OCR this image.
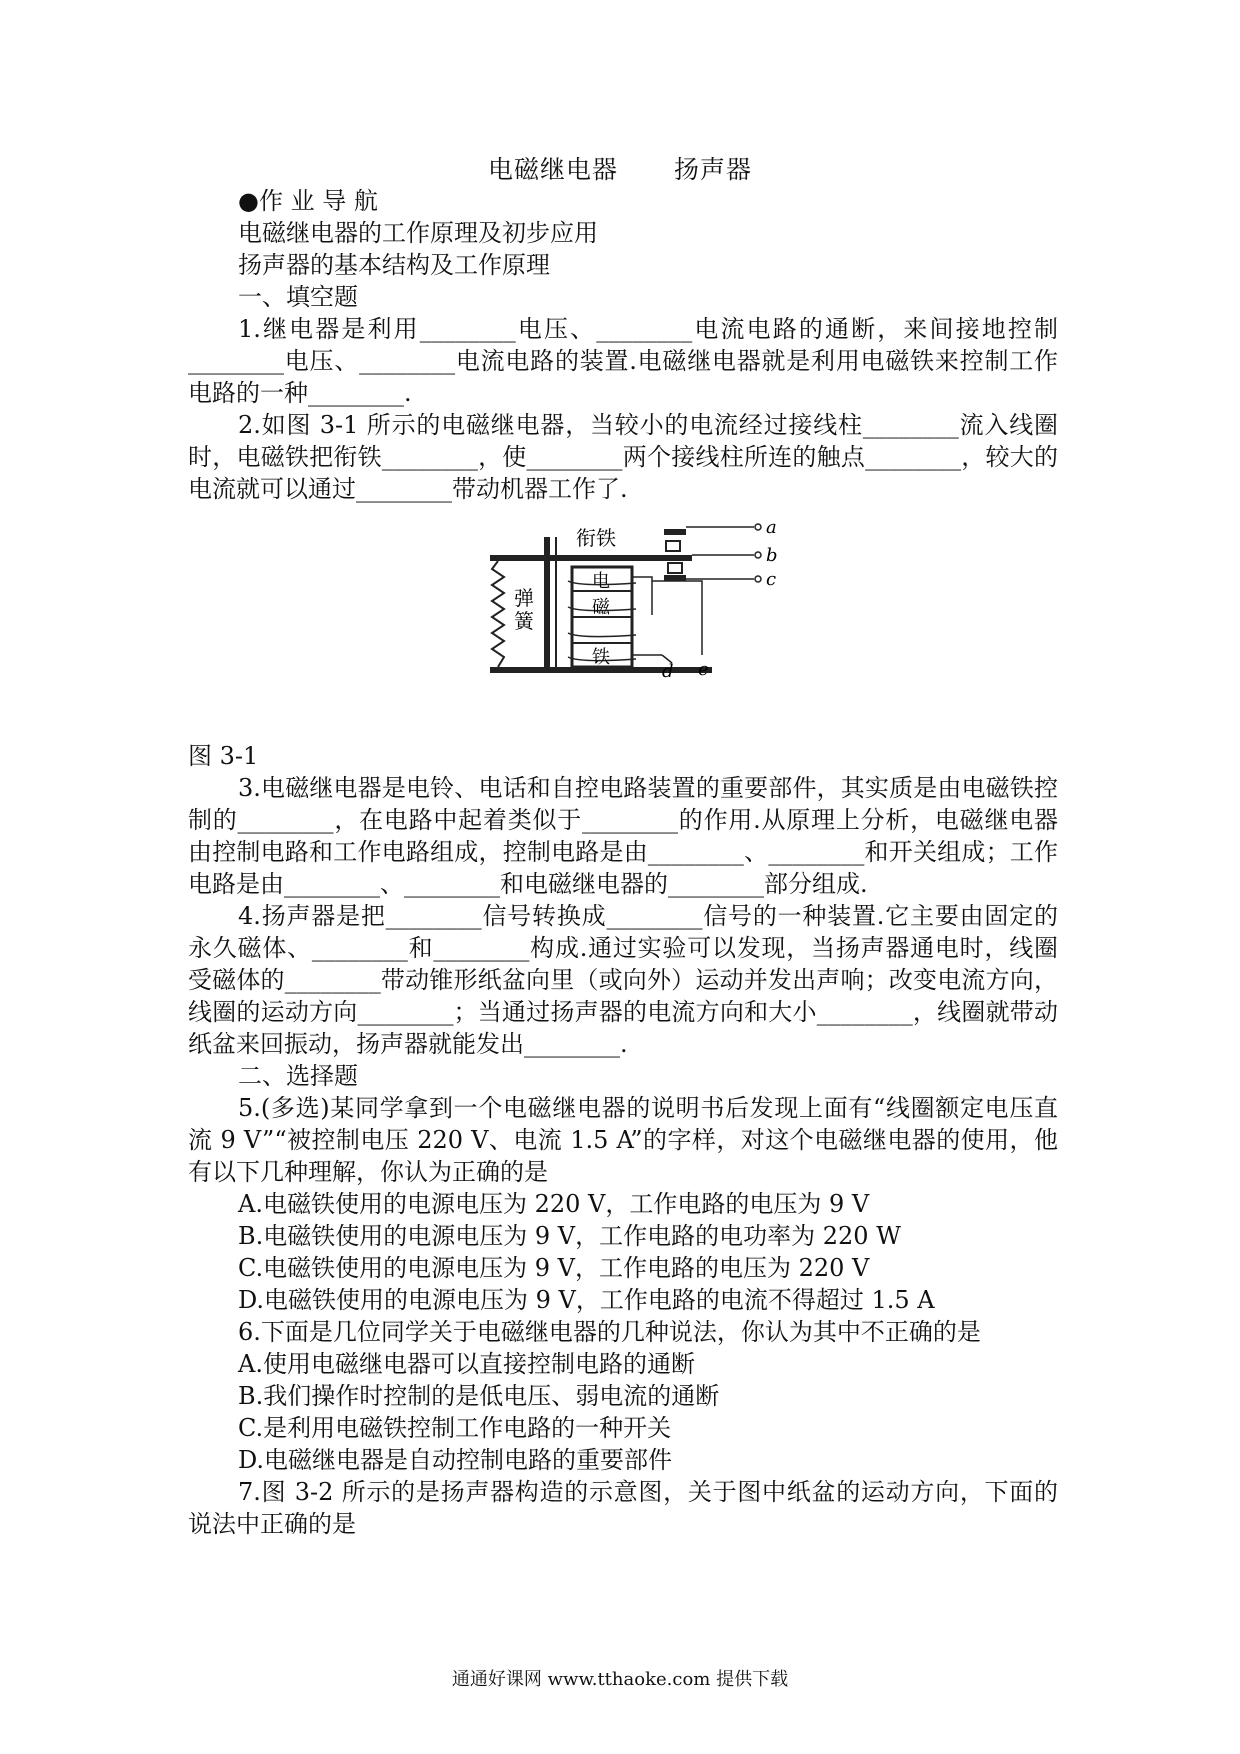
电磁继电器 扬声器

●作 业 导 航

电磁继电器的工作原理及初步应用

扬声器的基本结构及工作原理

一、填空题

1.继电器是利用________电压、________电流电路的通断，来间接地控制________电压、________电流电路的装置.电磁继电器就是利用电磁铁来控制工作电路的一种________.

2.如图 3-1 所示的电磁继电器，当较小的电流经过接线柱________流入线圈时，电磁铁把衔铁________，使________两个接线柱所连的触点________，较大的电流就可以通过________带动机器工作了.

弹
簧
衔铁
电
磁
铁
d e
a
b
c

图 3-1

3.电磁继电器是电铃、电话和自控电路装置的重要部件，其实质是由电磁铁控制的________，在电路中起着类似于________的作用.从原理上分析，电磁继电器由控制电路和工作电路组成，控制电路是由________、________和开关组成；工作电路是由________、________和电磁继电器的________部分组成.

4.扬声器是把________信号转换成________信号的一种装置.它主要由固定的永久磁体、________和________构成.通过实验可以发现，当扬声器通电时，线圈受磁体的________带动锥形纸盆向里（或向外）运动并发出声响；改变电流方向，线圈的运动方向________；当通过扬声器的电流方向和大小________，线圈就带动纸盆来回振动，扬声器就能发出________.

二、选择题

5.(多选)某同学拿到一个电磁继电器的说明书后发现上面有“线圈额定电压直流 9 V”“被控制电压 220 V、电流 1.5 A”的字样，对这个电磁继电器的使用，他有以下几种理解，你认为正确的是

A.电磁铁使用的电源电压为 220 V，工作电路的电压为 9 V

B.电磁铁使用的电源电压为 9 V，工作电路的电功率为 220 W

C.电磁铁使用的电源电压为 9 V，工作电路的电压为 220 V

D.电磁铁使用的电源电压为 9 V，工作电路的电流不得超过 1.5 A

6.下面是几位同学关于电磁继电器的几种说法，你认为其中不正确的是

A.使用电磁继电器可以直接控制电路的通断

B.我们操作时控制的是低电压、弱电流的通断

C.是利用电磁铁控制工作电路的一种开关

D.电磁继电器是自动控制电路的重要部件

7.图 3-2 所示的是扬声器构造的示意图，关于图中纸盆的运动方向，下面的说法中正确的是

通通好课网 www.tthaoke.com 提供下载
